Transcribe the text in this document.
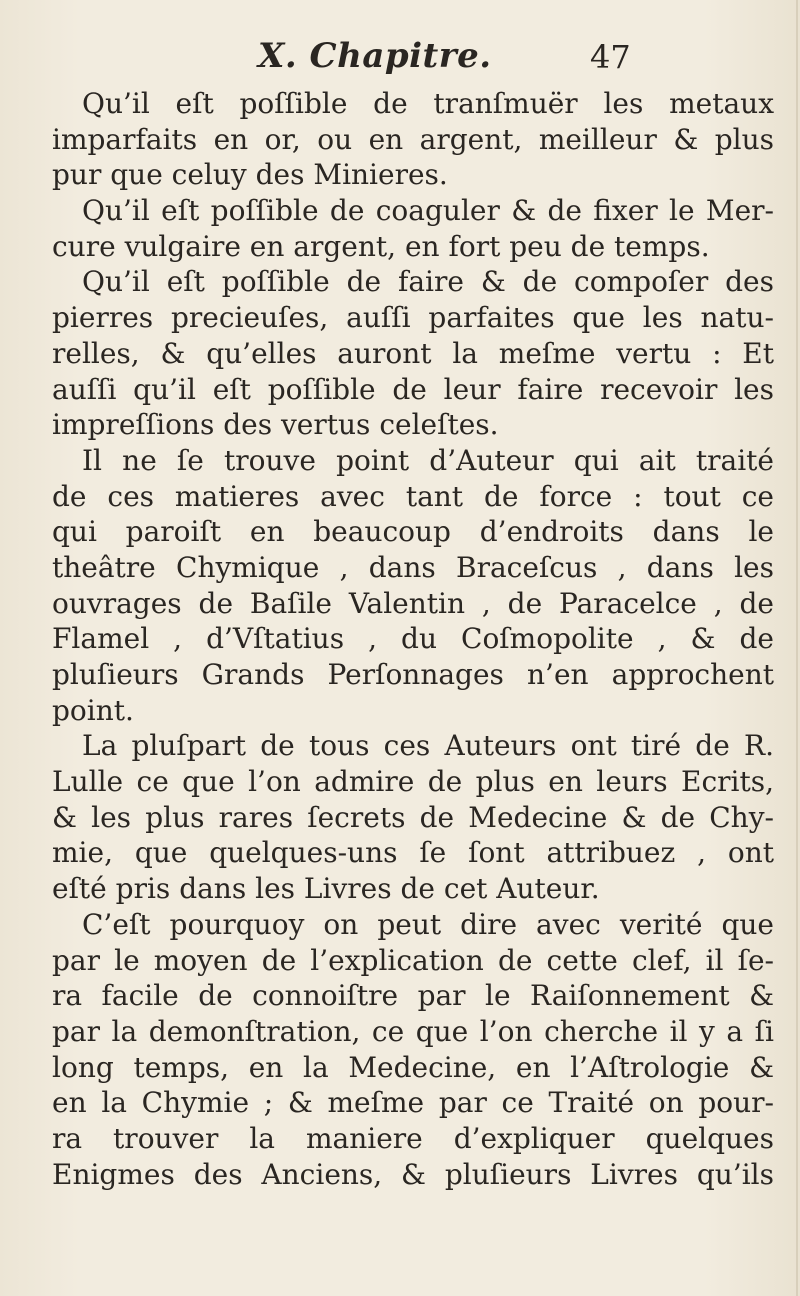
X. Chapitre.	47
Qu’il eſt poſſible de tranſmuër les metaux
imparfaits en or, ou en argent, meilleur & plus
pur que celuy des Minieres.
Qu’il eſt poſſible de coaguler & de fixer le Mer-
cure vulgaire en argent, en fort peu de temps.
Qu’il eſt poſſible de faire & de compoſer des
pierres precieuſes, auſſi parfaites que les natu-
relles, & qu’elles auront la meſme vertu : Et
auſſi qu’il eſt poſſible de leur faire recevoir les
impreſſions des vertus celeſtes.
Il ne ſe trouve point d’Auteur qui ait traité
de ces matieres avec tant de force : tout ce
qui paroiſt en beaucoup d’endroits dans le
theâtre Chymique , dans Braceſcus , dans les
ouvrages de Baſile Valentin , de Paracelce , de
Flamel , d’Vſtatius , du Coſmopolite , & de
pluſieurs Grands Perſonnages n’en approchent
point.
La pluſpart de tous ces Auteurs ont tiré de R.
Lulle ce que l’on admire de plus en leurs Ecrits,
& les plus rares ſecrets de Medecine & de Chy-
mie, que quelques-uns ſe ſont attribuez , ont
eſté pris dans les Livres de cet Auteur.
C’eſt pourquoy on peut dire avec verité que
par le moyen de l’explication de cette clef, il ſe-
ra facile de connoiſtre par le Raiſonnement &
par la demonſtration, ce que l’on cherche il y a ſi
long temps, en la Medecine, en l’Aſtrologie &
en la Chymie ; & meſme par ce Traité on pour-
ra trouver la maniere d’expliquer quelques
Enigmes des Anciens, & pluſieurs Livres qu’ils
